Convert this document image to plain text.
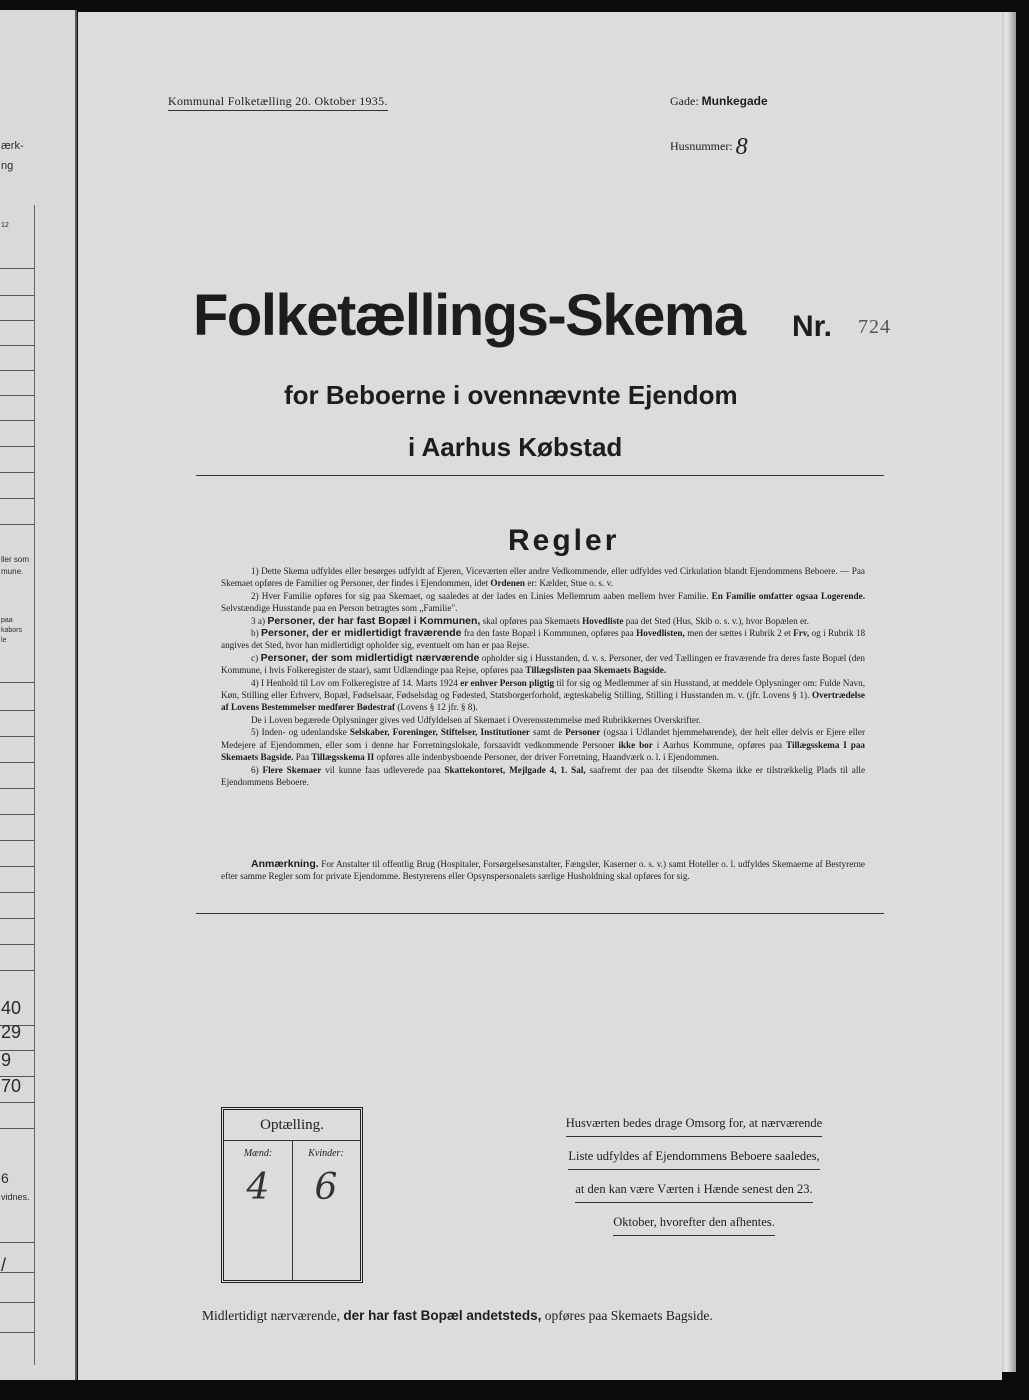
ærk-
ng
12
ller som
mune.
paa
kabors
le
40
29
9
70
6
vidnes.
/
Kommunal Folketælling 20. Oktober 1935.	Gade: Munkegade
Husnummer: 8
Folketællings-Skema Nr. 724
for Beboerne i ovennævnte Ejendom
i Aarhus Købstad
Regler

1) Dette Skema udfyldes eller besørges udfyldt af Ejeren, Viceværten eller andre Vedkommende, eller udfyldes ved Cirkulation blandt Ejendommens Beboere. — Paa Skemaet opføres de Familier og Personer, der findes i Ejendommen, idet Ordenen er: Kælder, Stue o. s. v.

2) Hver Familie opføres for sig paa Skemaet, og saaledes at der lades en Linies Mellemrum aaben mellem hver Familie. En Familie omfatter ogsaa Logerende. Selvstændige Husstande paa en Person betragtes som „Familie".

3 a) Personer, der har fast Bopæl i Kommunen, skal opføres paa Skemaets Hovedliste paa det Sted (Hus, Skib o. s. v.), hvor Bopælen er.

b) Personer, der er midlertidigt fraværende fra den faste Bopæl i Kommunen, opføres paa Hovedlisten, men der sættes i Rubrik 2 et Frv, og i Rubrik 18 angives det Sted, hvor han midlertidigt opholder sig, eventuelt om han er paa Rejse.

c) Personer, der som midlertidigt nærværende opholder sig i Husstanden, d. v. s. Personer, der ved Tællingen er fraværende fra deres faste Bopæl (den Kommune, i hvis Folkeregister de staar), samt Udlændinge paa Rejse, opføres paa Tillægslisten paa Skemaets Bagside.

4) I Henhold til Lov om Folkeregistre af 14. Marts 1924 er enhver Person pligtig til for sig og Medlemmer af sin Husstand, at meddele Oplysninger om: Fulde Navn, Køn, Stilling eller Erhverv, Bopæl, Fødselsaar, Fødselsdag og Fødested, Statsborgerforhold, ægteskabelig Stilling, Stilling i Husstanden m. v. (jfr. Lovens § 1). Overtrædelse af Lovens Bestemmelser medfører Bødestraf (Lovens § 12 jfr. § 8).

De i Loven begærede Oplysninger gives ved Udfyldelsen af Skemaet i Overensstemmelse med Rubrikkernes Overskrifter.

5) Inden- og udenlandske Selskaber, Foreninger, Stiftelser, Institutioner samt de Personer (ogsaa i Udlandet hjemmehørende), der helt eller delvis er Ejere eller Medejere af Ejendommen, eller som i denne har Forretningslokale, forsaavidt vedkommende Personer ikke bor i Aarhus Kommune, opføres paa Tillægsskema I paa Skemaets Bagside. Paa Tillægsskema II opføres alle indenbysboende Personer, der driver Forretning, Haandværk o. l. i Ejendommen.

6) Flere Skemaer vil kunne faas udleverede paa Skattekontoret, Mejlgade 4, 1. Sal, saafremt der paa det tilsendte Skema ikke er tilstrækkelig Plads til alle Ejendommens Beboere.

Anmærkning. For Anstalter til offentlig Brug (Hospitaler, Forsørgelsesanstalter, Fængsler, Kaserner o. s. v.) samt Hoteller o. l. udfyldes Skemaerne af Bestyrerne efter samme Regler som for private Ejendomme. Bestyrerens eller Opsynspersonalets særlige Husholdning skal opføres for sig.
Optælling.
Mænd:
4
Kvinder:
6
Husværten bedes drage Omsorg for, at nærværende Liste udfyldes af Ejendommens Beboere saaledes, at den kan være Værten i Hænde senest den 23. Oktober, hvorefter den afhentes.
Midlertidigt nærværende, der har fast Bopæl andetsteds, opføres paa Skemaets Bagside.
